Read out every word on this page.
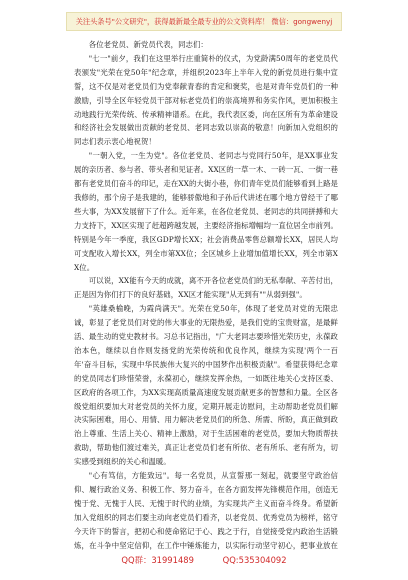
关注头条号"公文研究"，获得最新最全最专业的公文资料库！ 微信：gongwenyj

各位老党员、新党员代表，同志们：

"七一"前夕，我们在这里举行庄重简朴的仪式，为党龄满50周年的老党员代表颁发"光荣在党50年"纪念章，并组织2023年上半年入党的新党员进行集中宣誓，这不仅是对老党员们为党奉献青春的肯定和褒奖，也是对青年党员们的一种激励，引导全区年轻党员干部对标老党员们的崇高境界和务实作风，更加积极主动地践行光荣传统、传承精神谱系。在此，我代表区委，向在区所有为革命建设和经济社会发展做出贡献的老党员、老同志致以崇高的敬意！向新加入党组织的同志们表示衷心地祝贺！

"一朝入党，一生为党"。各位老党员、老同志与党同行50年，是XX事业发展的亲历者、参与者、带头者和见证者。XX区的一草一木、一砖一瓦、一街一巷都有老党员们奋斗的印记，走在XX的大街小巷，你们青年党员们能够看到上路是我修的，那个房子是我建的，能够骄傲地和子孙后代讲述在哪个地方曾经干了哪些大事，为XX发展留下了什么。近年来，在各位老党员、老同志的共同拼搏和大力支持下，XX区实现了赶超跨越发展，主要经济指标增幅均一直位居全市前列。特别是今年一季度，我区GDP增长XX；社会消费品零售总额增长XX，居民人均可支配收入增长XX，列全市第XX位；全区城乡上业增加值增长XX，列全市第XX位。

可以说，XX能有今天的成就，离不开各位老党员们的无私奉献、辛苦付出，正是因为你们打下的良好基础，XX区才能实现"从无到有""从弱到强"。

"英雄桑榆晚，为霞尚满天"。光荣在党50年，体现了老党员对党的无限忠诚，彰显了老党员们对党的伟大事业的无限热爱，是我们党的宝贵财富，是最鲜活、最生动的党史教材书。习总书记指出，"广大老同志要珍惜光荣历史，永葆政治本色，继续以自作则发扬党的光荣传统和优良作风，继续为实现'两个一百年'奋斗目标，实现中华民族伟大复兴的中国梦作出积极贡献"。希望获得纪念章的党员同志们珍惜荣誉，永葆初心，继续发挥余热，一如既往地关心支持区委、区政府的各项工作，为XX实现高质量高速度发展贡献更多的智慧和力量。全区各级党组织要加大对老党员的关怀力度，定期开展走访慰问，主动帮助老党员们解决实际困难，用心、用情、用力解决老党员们的所急、所需、所盼，真正做到政治上尊重、生活上关心、精神上激励，对于生活困难的老党员，要加大物质帮扶救助，帮助他们渡过难关，真正让老党员们老有所依、老有所乐、老有所为，切实感受到组织的关心和温暖。

"心有笃信，方能致远"。每一名党员，从宣誓那一刻起，就要坚守政治信仰、履行政治义务、积极工作、努力奋斗，在各方面发挥先锋模范作用，创造无愧于党、无愧于人民、无愧于时代的业绩，为实现共产主义而奋斗终身。希望新加入党组织的同志们要主动向老党员们看齐，以老党员、优秀党员为榜样，铭守今天许下的誓言，把初心和使命铭记于心、践之于行，自觉接受党内政治生活锻炼，在斗争中坚定信仰，在工作中锤炼能力，以实际行动坚守初心，把事业放在

QQ群：31991489	QQ:535304092
